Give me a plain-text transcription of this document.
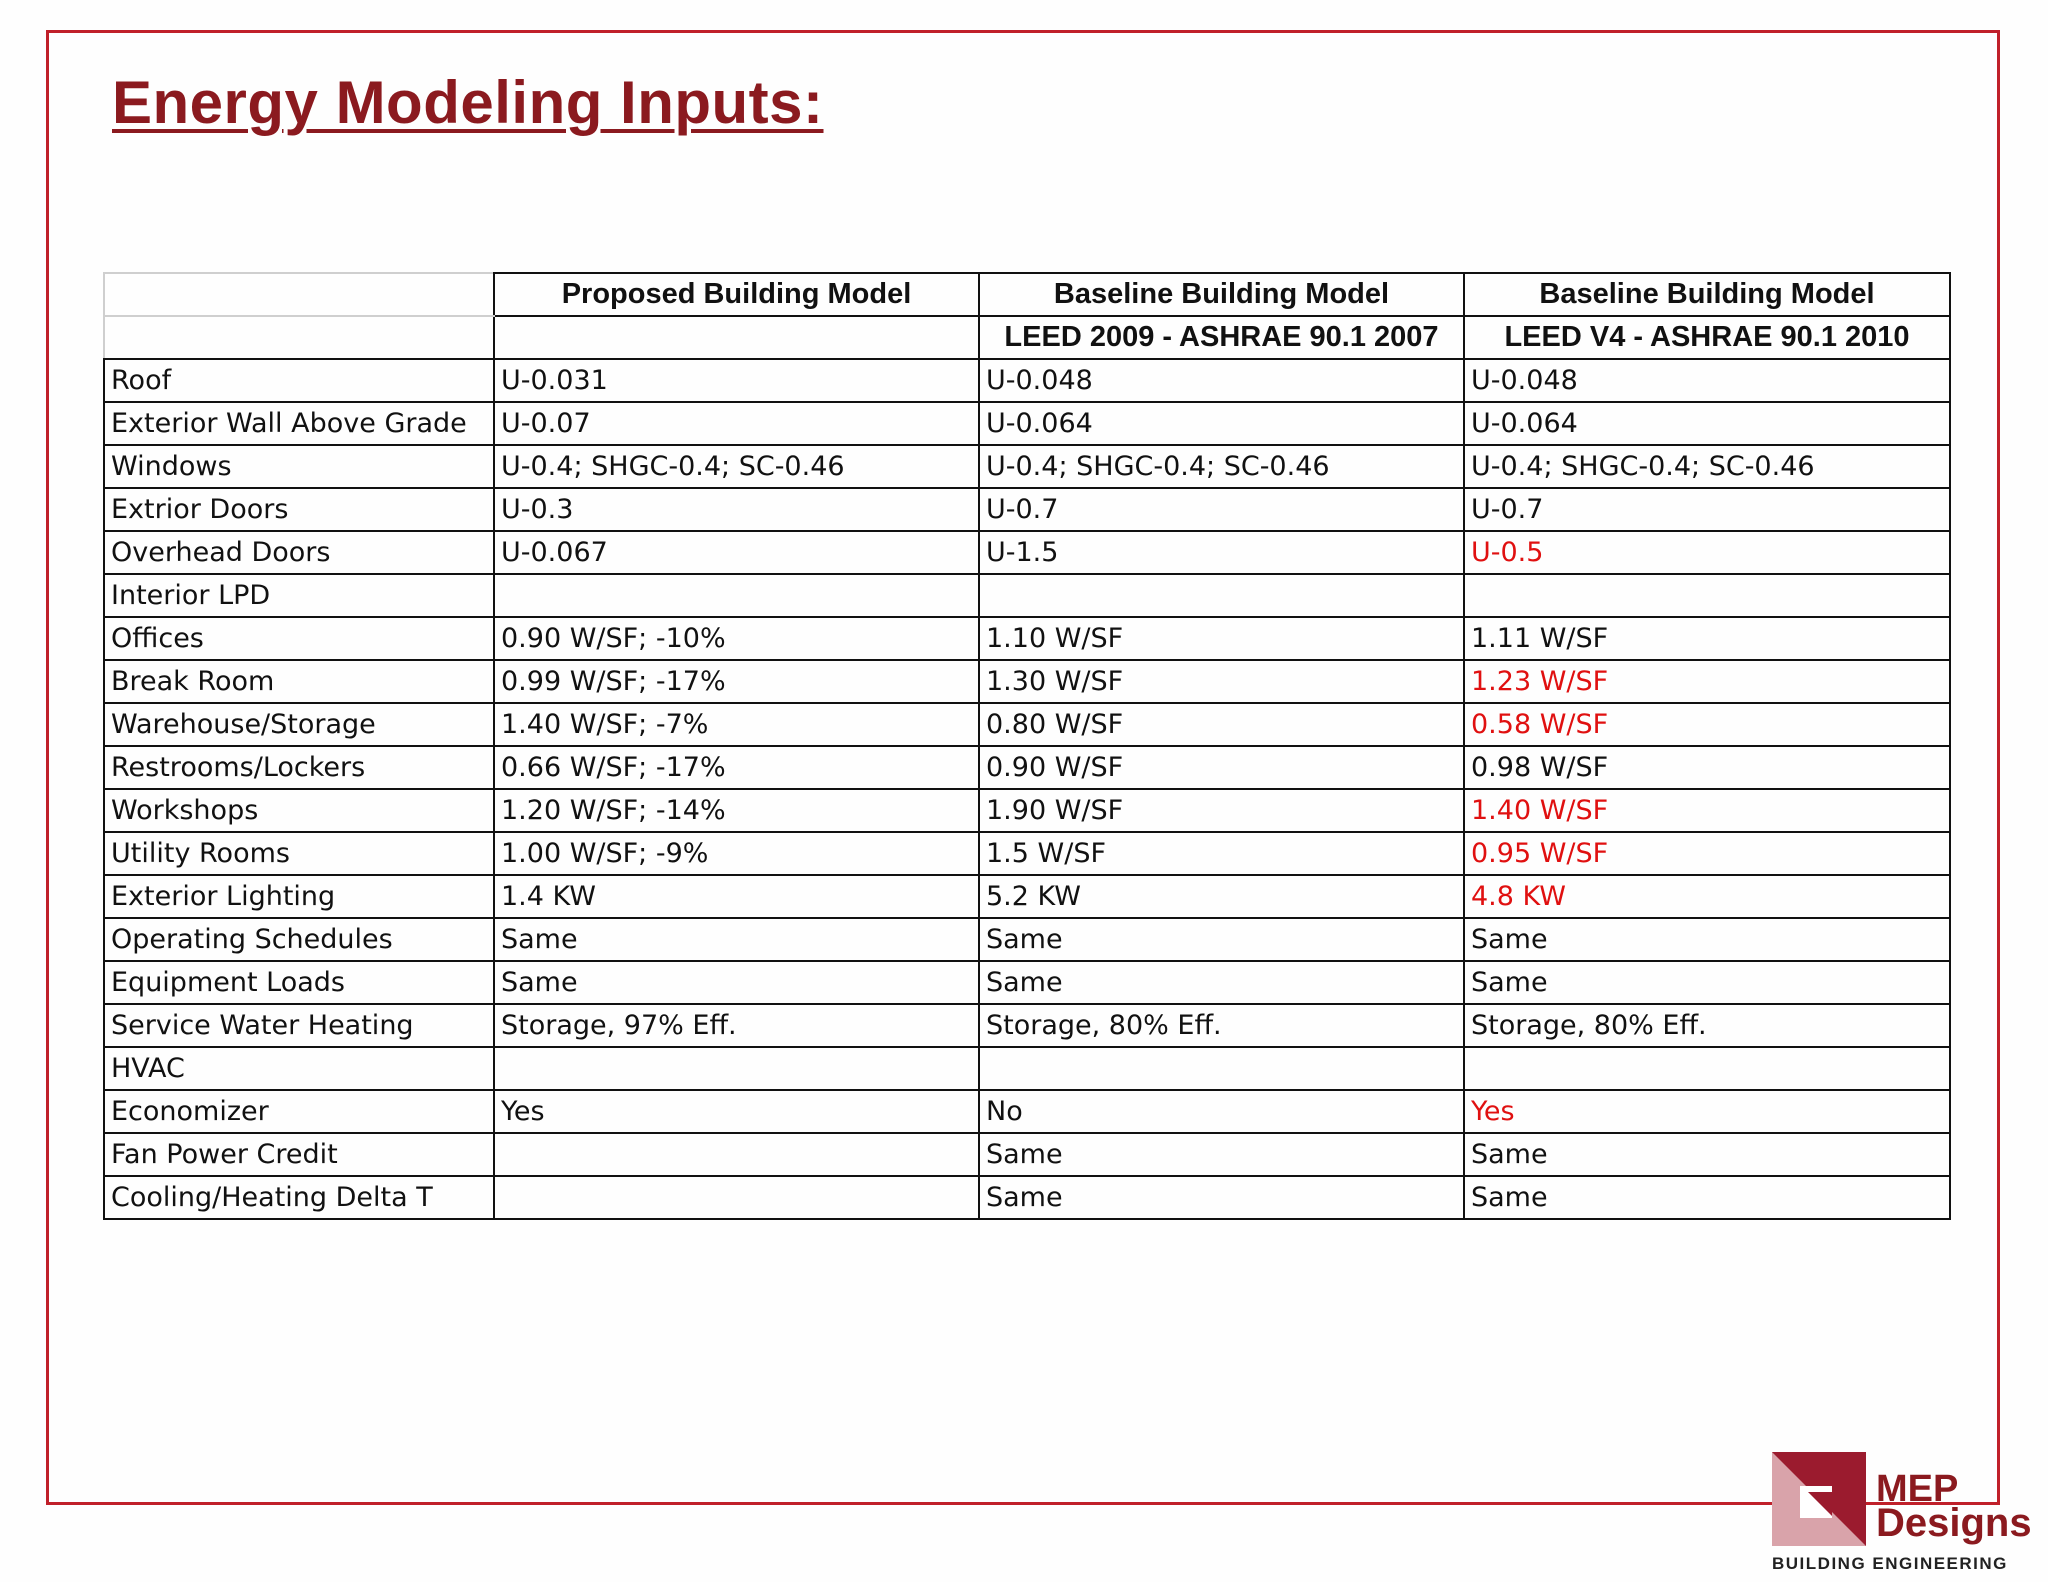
Energy Modeling Inputs:
	Proposed Building Model	Baseline Building Model	Baseline Building Model
		LEED 2009 - ASHRAE 90.1 2007	LEED V4 - ASHRAE 90.1 2010
Roof	U-0.031	U-0.048	U-0.048
Exterior Wall Above Grade	U-0.07	U-0.064	U-0.064
Windows	U-0.4; SHGC-0.4; SC-0.46	U-0.4; SHGC-0.4; SC-0.46	U-0.4; SHGC-0.4; SC-0.46
Extrior Doors	U-0.3	U-0.7	U-0.7
Overhead Doors	U-0.067	U-1.5	U-0.5
Interior LPD			
Offices	0.90 W/SF; -10%	1.10 W/SF	1.11 W/SF
Break Room	0.99 W/SF; -17%	1.30 W/SF	1.23 W/SF
Warehouse/Storage	1.40 W/SF; -7%	0.80 W/SF	0.58 W/SF
Restrooms/Lockers	0.66 W/SF; -17%	0.90 W/SF	0.98 W/SF
Workshops	1.20 W/SF; -14%	1.90 W/SF	1.40 W/SF
Utility Rooms	1.00 W/SF; -9%	1.5 W/SF	0.95 W/SF
Exterior Lighting	1.4 KW	5.2 KW	4.8 KW
Operating Schedules	Same	Same	Same
Equipment Loads	Same	Same	Same
Service Water Heating	Storage, 97% Eff.	Storage, 80% Eff.	Storage, 80% Eff.
HVAC			
Economizer	Yes	No	Yes
Fan Power Credit		Same	Same
Cooling/Heating Delta T		Same	Same
MEP
Designs
BUILDING ENGINEERING
